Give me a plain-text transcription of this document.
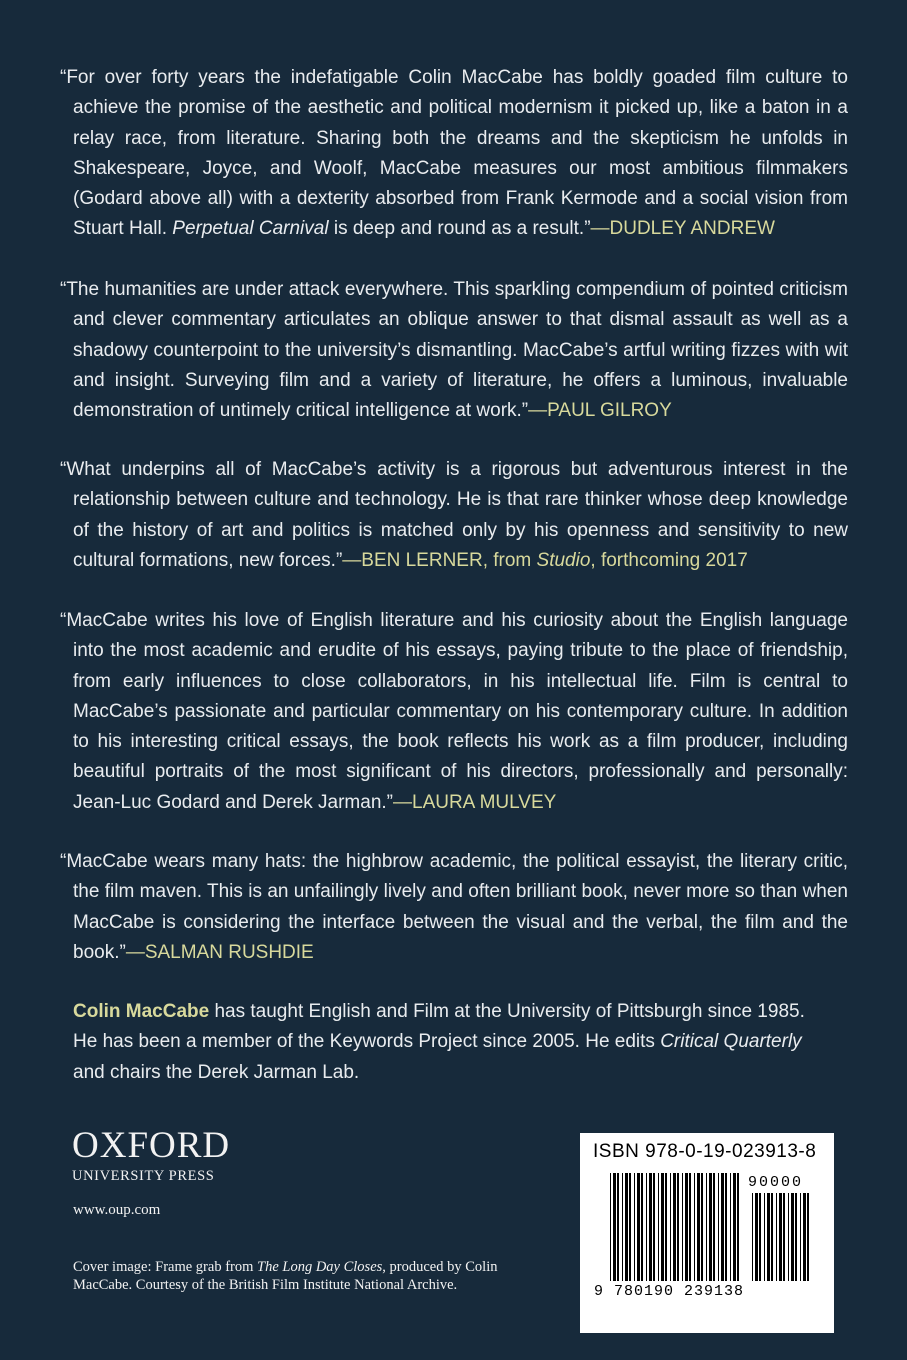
“For over forty years the indefatigable Colin MacCabe has boldly goaded film culture to achieve the promise of the aesthetic and political modernism it picked up, like a baton in a relay race, from literature. Sharing both the dreams and the skepticism he unfolds in Shakespeare, Joyce, and Woolf, MacCabe measures our most ambitious filmmakers (Godard above all) with a dexterity absorbed from Frank Kermode and a social vision from Stuart Hall. Perpetual Carnival is deep and round as a result.”—DUDLEY ANDREW
“The humanities are under attack everywhere. This sparkling compendium of pointed criticism and clever commentary articulates an oblique answer to that dismal assault as well as a shadowy counterpoint to the university’s dismantling. MacCabe’s artful writing fizzes with wit and insight. Surveying film and a variety of literature, he offers a luminous, invaluable demonstration of untimely critical intelligence at work.”—PAUL GILROY
“What underpins all of MacCabe’s activity is a rigorous but adventurous interest in the relationship between culture and technology. He is that rare thinker whose deep knowledge of the history of art and politics is matched only by his openness and sensitivity to new cultural formations, new forces.”—BEN LERNER, from Studio, forthcoming 2017
“MacCabe writes his love of English literature and his curiosity about the English language into the most academic and erudite of his essays, paying tribute to the place of friendship, from early influences to close collaborators, in his intellectual life. Film is central to MacCabe’s passionate and particular commentary on his contemporary culture. In addition to his interesting critical essays, the book reflects his work as a film producer, including beautiful portraits of the most significant of his directors, professionally and personally: Jean-Luc Godard and Derek Jarman.”—LAURA MULVEY
“MacCabe wears many hats: the highbrow academic, the political essayist, the literary critic, the film maven. This is an unfailingly lively and often brilliant book, never more so than when MacCabe is considering the interface between the visual and the verbal, the film and the book.”—SALMAN RUSHDIE
Colin MacCabe has taught English and Film at the University of Pittsburgh since 1985. He has been a member of the Keywords Project since 2005. He edits Critical Quarterly and chairs the Derek Jarman Lab.
OXFORD
UNIVERSITY PRESS
www.oup.com
Cover image: Frame grab from The Long Day Closes, produced by Colin MacCabe. Courtesy of the British Film Institute National Archive.
ISBN 978-0-19-023913-8
90000
9 780190 239138
